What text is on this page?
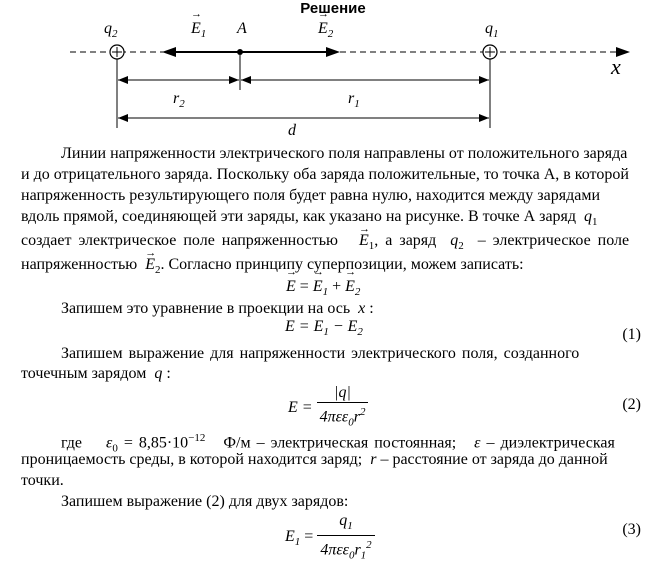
Решение
$q_2$	→ $E_1$ A	→ $E_2$	$q_1$
x
$r_2$	$r_1$
d
Линии напряженности электрического поля направлены от положительного заряда
и до отрицательного заряда. Поскольку оба заряда положительные, то точка А, в которой
напряженность результирующего поля будет равна нулю, находится между зарядами
вдоль прямой, соединяющей эти заряды, как указано на рисунке. В точке А заряд $q_1$
создает электрическое поле напряженностью → $E_1$, а заряд $q_2$ – электрическое поле
напряженностью → $E_2$. Согласно принципу суперпозиции, можем записать:
→ E = → $E_1$ + → $E_2$
Запишем это уравнение в проекции на ось x :
$E = E_1 - E_2$	(1)
Запишем выражение для напряженности электрического поля, созданного
точечным зарядом q :
$E = \frac{|q|}{4\pi\varepsilon\varepsilon_0r^2}$	(2)
где $\varepsilon_0 = 8,85\cdot 10^{-12}$ Ф/м – электрическая постоянная; ε – диэлектрическая
проницаемость среды, в которой находится заряд; r – расстояние от заряда до данной
точки.
Запишем выражение (2) для двух зарядов:
$E_1 = \frac{q_1}{4\pi\varepsilon\varepsilon_0r_1^2}$	(3)
